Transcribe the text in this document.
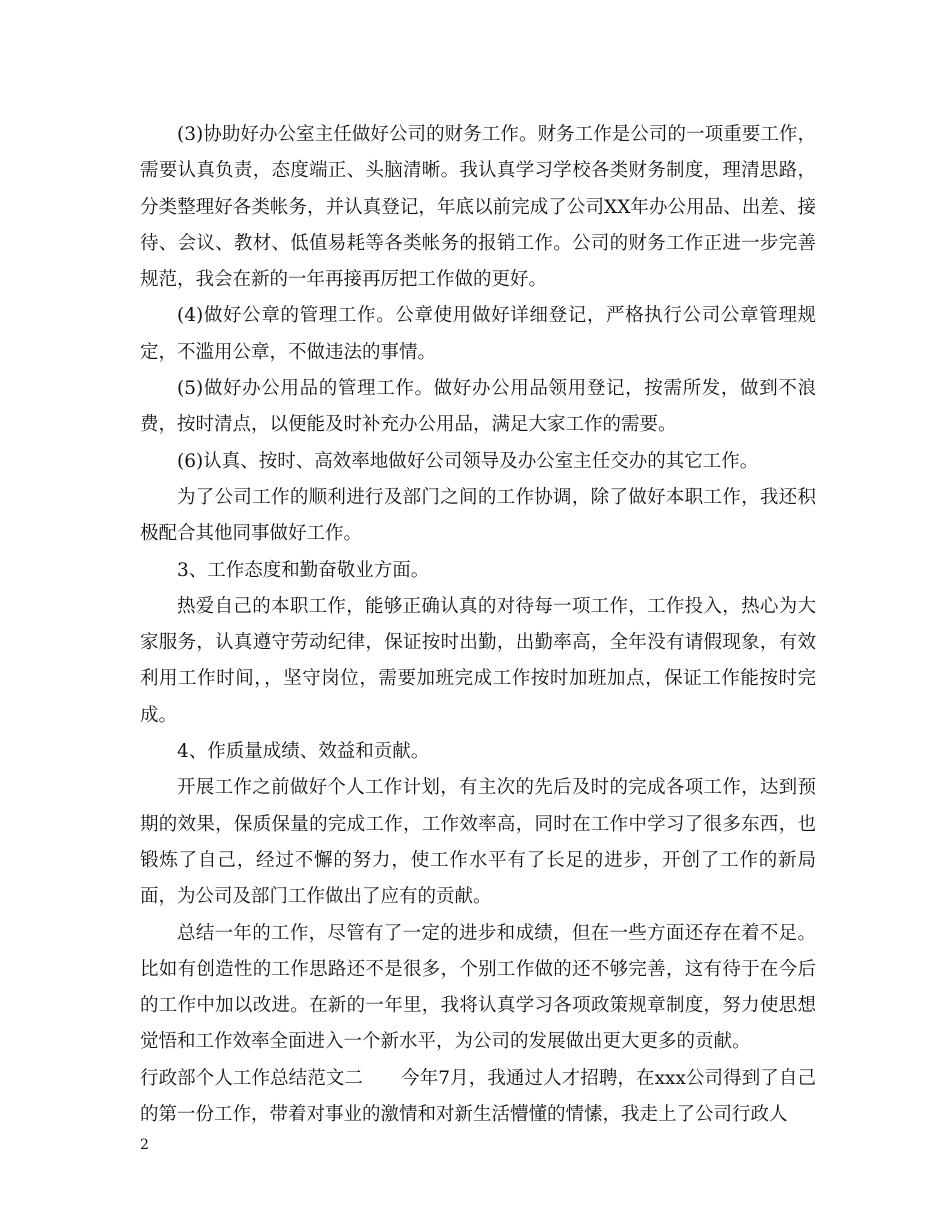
(3)协助好办公室主任做好公司的财务工作。财务工作是公司的一项重要工作，需要认真负责，态度端正、头脑清晰。我认真学习学校各类财务制度，理清思路，分类整理好各类帐务，并认真登记，年底以前完成了公司XX年办公用品、出差、接待、会议、教材、低值易耗等各类帐务的报销工作。公司的财务工作正进一步完善规范，我会在新的一年再接再厉把工作做的更好。

(4)做好公章的管理工作。公章使用做好详细登记，严格执行公司公章管理规定，不滥用公章，不做违法的事情。

(5)做好办公用品的管理工作。做好办公用品领用登记，按需所发，做到不浪费，按时清点，以便能及时补充办公用品，满足大家工作的需要。

(6)认真、按时、高效率地做好公司领导及办公室主任交办的其它工作。

为了公司工作的顺利进行及部门之间的工作协调，除了做好本职工作，我还积极配合其他同事做好工作。

3、工作态度和勤奋敬业方面。

热爱自己的本职工作，能够正确认真的对待每一项工作，工作投入，热心为大家服务，认真遵守劳动纪律，保证按时出勤，出勤率高，全年没有请假现象，有效利用工作时间，，坚守岗位，需要加班完成工作按时加班加点，保证工作能按时完成。

4、作质量成绩、效益和贡献。

开展工作之前做好个人工作计划，有主次的先后及时的完成各项工作，达到预期的效果，保质保量的完成工作，工作效率高，同时在工作中学习了很多东西，也锻炼了自己，经过不懈的努力，使工作水平有了长足的进步，开创了工作的新局面，为公司及部门工作做出了应有的贡献。

总结一年的工作，尽管有了一定的进步和成绩，但在一些方面还存在着不足。比如有创造性的工作思路还不是很多，个别工作做的还不够完善，这有待于在今后的工作中加以改进。在新的一年里，我将认真学习各项政策规章制度，努力使思想觉悟和工作效率全面进入一个新水平，为公司的发展做出更大更多的贡献。

行政部个人工作总结范文二 今年7月，我通过人才招聘，在xxx公司得到了自己的第一份工作，带着对事业的激情和对新生活懵懂的情愫，我走上了公司行政人

2
